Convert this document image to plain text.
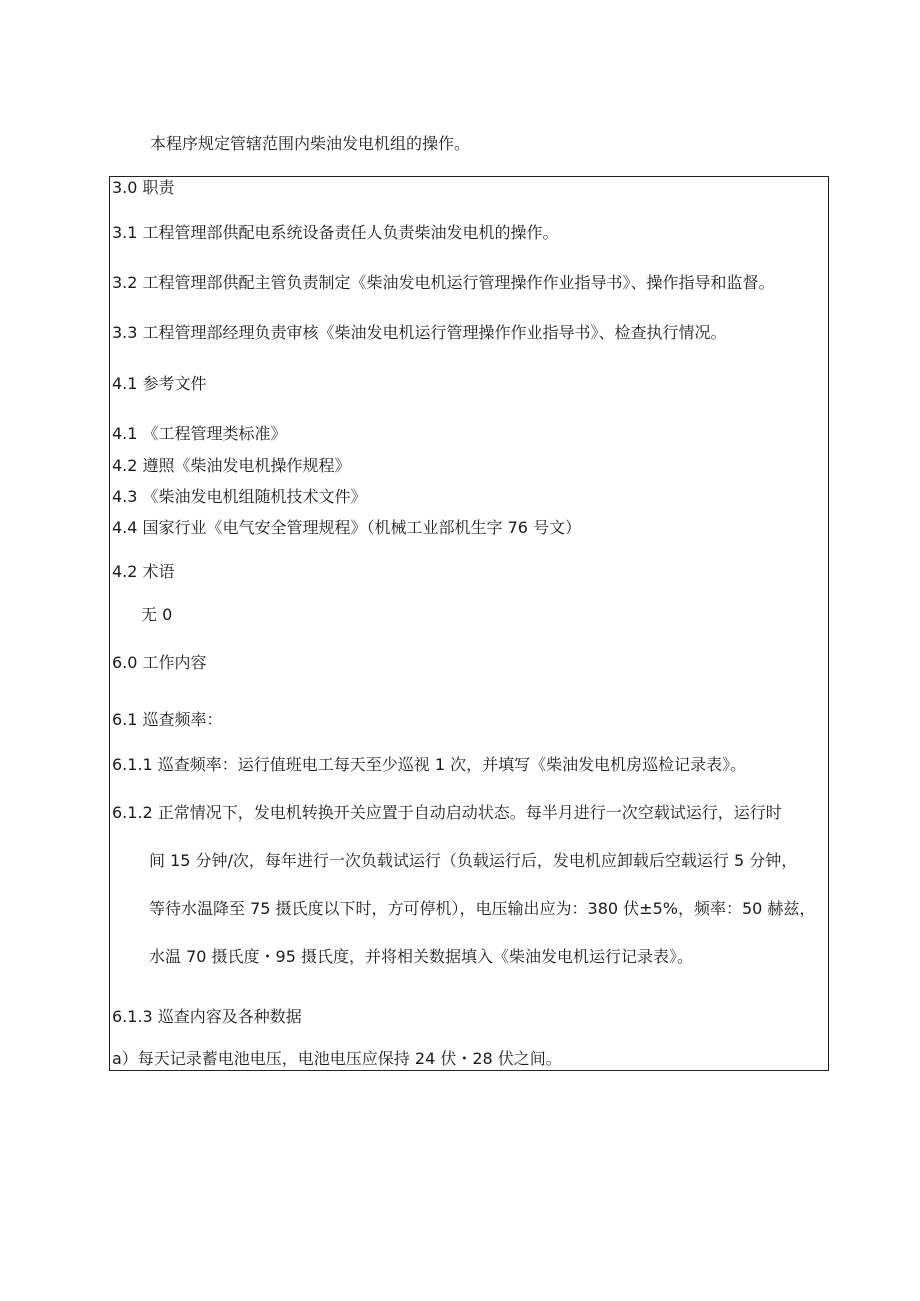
本程序规定管辖范围内柴油发电机组的操作。
3.0 职责
3.1 工程管理部供配电系统设备责任人负责柴油发电机的操作。
3.2 工程管理部供配主管负责制定《柴油发电机运行管理操作作业指导书》、操作指导和监督。
3.3 工程管理部经理负责审核《柴油发电机运行管理操作作业指导书》、检查执行情况。
4.1 参考文件
4.1 《工程管理类标准》
4.2 遵照《柴油发电机操作规程》
4.3 《柴油发电机组随机技术文件》
4.4 国家行业《电气安全管理规程》（机械工业部机生字 76 号文）
4.2 术语
无 0
6.0 工作内容
6.1 巡查频率：
6.1.1 巡查频率：运行值班电工每天至少巡视 1 次，并填写《柴油发电机房巡检记录表》。
6.1.2 正常情况下，发电机转换开关应置于自动启动状态。每半月进行一次空载试运行，运行时
间 15 分钟/次，每年进行一次负载试运行（负载运行后，发电机应卸载后空载运行 5 分钟，
等待水温降至 75 摄氏度以下时，方可停机），电压输出应为：380 伏±5%，频率：50 赫兹，
水温 70 摄氏度・95 摄氏度，并将相关数据填入《柴油发电机运行记录表》。
6.1.3 巡查内容及各种数据
a）每天记录蓄电池电压，电池电压应保持 24 伏・28 伏之间。
